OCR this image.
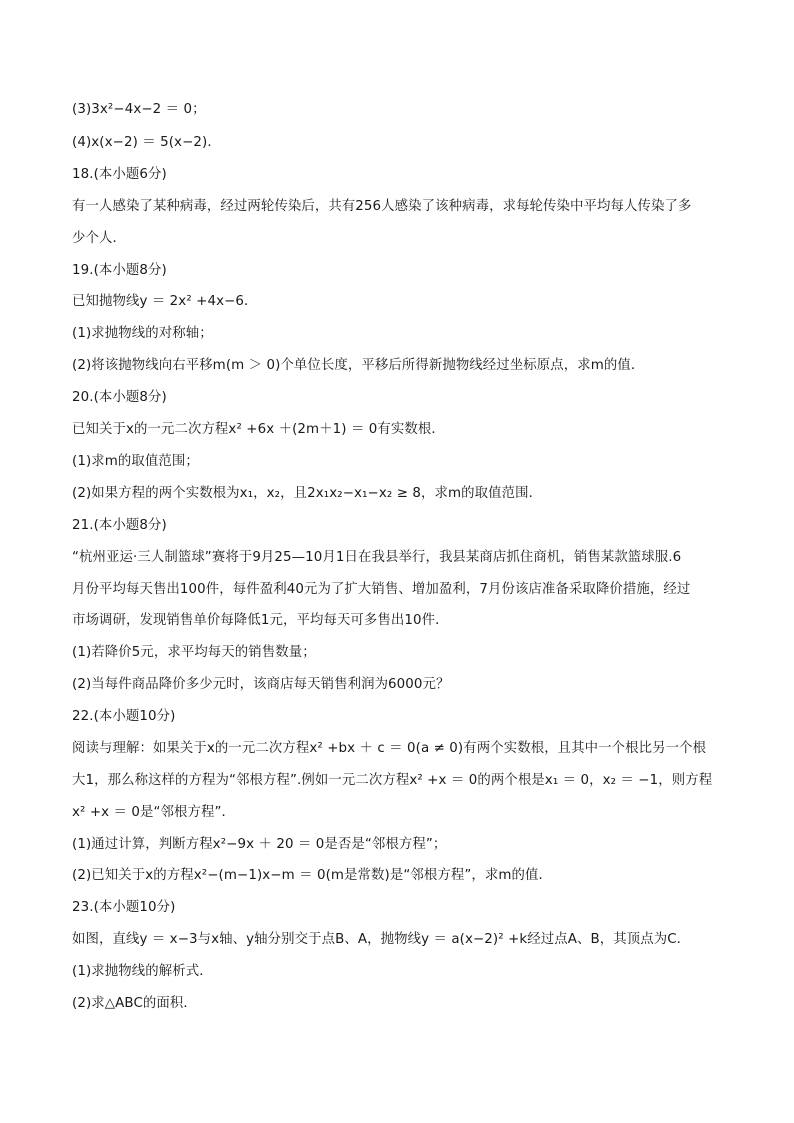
(3)3x²−4x−2 ＝ 0；
(4)x(x−2) ＝ 5(x−2)．
18.(本小题6分)
有一人感染了某种病毒，经过两轮传染后，共有256人感染了该种病毒，求每轮传染中平均每人传染了多
少个人．
19.(本小题8分)
已知抛物线y ＝ 2x² +4x−6．
(1)求抛物线的对称轴；
(2)将该抛物线向右平移m(m ＞ 0)个单位长度，平移后所得新抛物线经过坐标原点，求m的值．
20.(本小题8分)
已知关于x的一元二次方程x² +6x ＋(2m＋1) ＝ 0有实数根．
(1)求m的取值范围；
(2)如果方程的两个实数根为x₁，x₂，且2x₁x₂−x₁−x₂ ≥ 8，求m的取值范围．
21.(本小题8分)
“杭州亚运·三人制篮球”赛将于9月25—10月1日在我县举行，我县某商店抓住商机，销售某款篮球服.6
月份平均每天售出100件，每件盈利40元为了扩大销售、增加盈利，7月份该店准备采取降价措施，经过
市场调研，发现销售单价每降低1元，平均每天可多售出10件．
(1)若降价5元，求平均每天的销售数量；
(2)当每件商品降价多少元时，该商店每天销售利润为6000元？
22.(本小题10分)
阅读与理解：如果关于x的一元二次方程x² +bx ＋ c ＝ 0(a ≠ 0)有两个实数根，且其中一个根比另一个根
大1，那么称这样的方程为“邻根方程”.例如一元二次方程x² +x ＝ 0的两个根是x₁ ＝ 0，x₂ ＝ −1，则方程
x² +x ＝ 0是“邻根方程”．
(1)通过计算，判断方程x²−9x ＋ 20 ＝ 0是否是“邻根方程”；
(2)已知关于x的方程x²−(m−1)x−m ＝ 0(m是常数)是“邻根方程”，求m的值．
23.(本小题10分)
如图，直线y ＝ x−3与x轴、y轴分别交于点B、A，抛物线y ＝ a(x−2)² +k经过点A、B，其顶点为C．
(1)求抛物线的解析式．
(2)求△ABC的面积．
